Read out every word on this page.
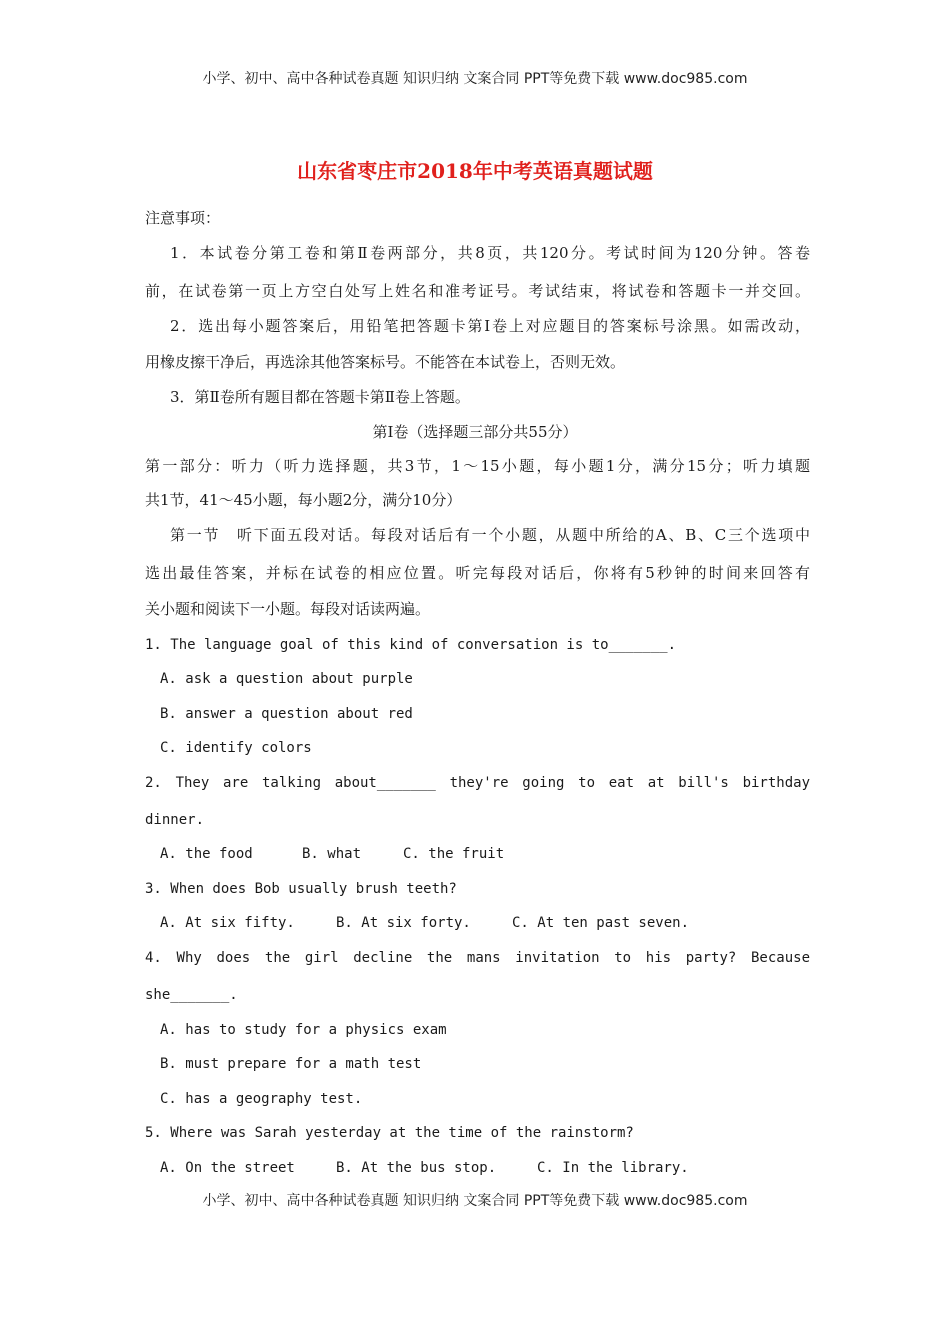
小学、初中、高中各种试卷真题 知识归纳 文案合同 PPT等免费下载 www.doc985.com
山东省枣庄市2018年中考英语真题试题
注意事项：
1．本试卷分第工卷和第Ⅱ卷两部分，共8页，共120分。考试时间为120分钟。答卷
前，在试卷第一页上方空白处写上姓名和准考证号。考试结束，将试卷和答题卡一并交回。
2．选出每小题答案后，用铅笔把答题卡第Ⅰ卷上对应题目的答案标号涂黑。如需改动，
用橡皮擦干净后，再选涂其他答案标号。不能答在本试卷上，否则无效。
3．第Ⅱ卷所有题目都在答题卡第Ⅱ卷上答题。
第Ⅰ卷（选择题三部分共55分）
第一部分：听力（听力选择题，共3节，1～15小题，每小题1分，满分15分；听力填题
共1节，41～45小题，每小题2分，满分10分）
第一节　听下面五段对话。每段对话后有一个小题，从题中所给的A、B、C三个选项中
选出最佳答案，并标在试卷的相应位置。听完每段对话后，你将有5秒钟的时间来回答有
关小题和阅读下一小题。每段对话读两遍。
1. The language goal of this kind of conversation is to_______.
A. ask a question about purple
B. answer a question about red
C. identify colors
2. They are talking about_______ they're going to eat at bill's birthday
dinner.
A. the food	B. what	C. the fruit
3. When does Bob usually brush teeth?
A. At six fifty.	B. At six forty.	C. At ten past seven.
4. Why does the girl decline the mans invitation to his party? Because
she_______.
A. has to study for a physics exam
B. must prepare for a math test
C. has a geography test.
5. Where was Sarah yesterday at the time of the rainstorm?
A. On the street	B. At the bus stop.	C. In the library.
小学、初中、高中各种试卷真题 知识归纳 文案合同 PPT等免费下载 www.doc985.com
